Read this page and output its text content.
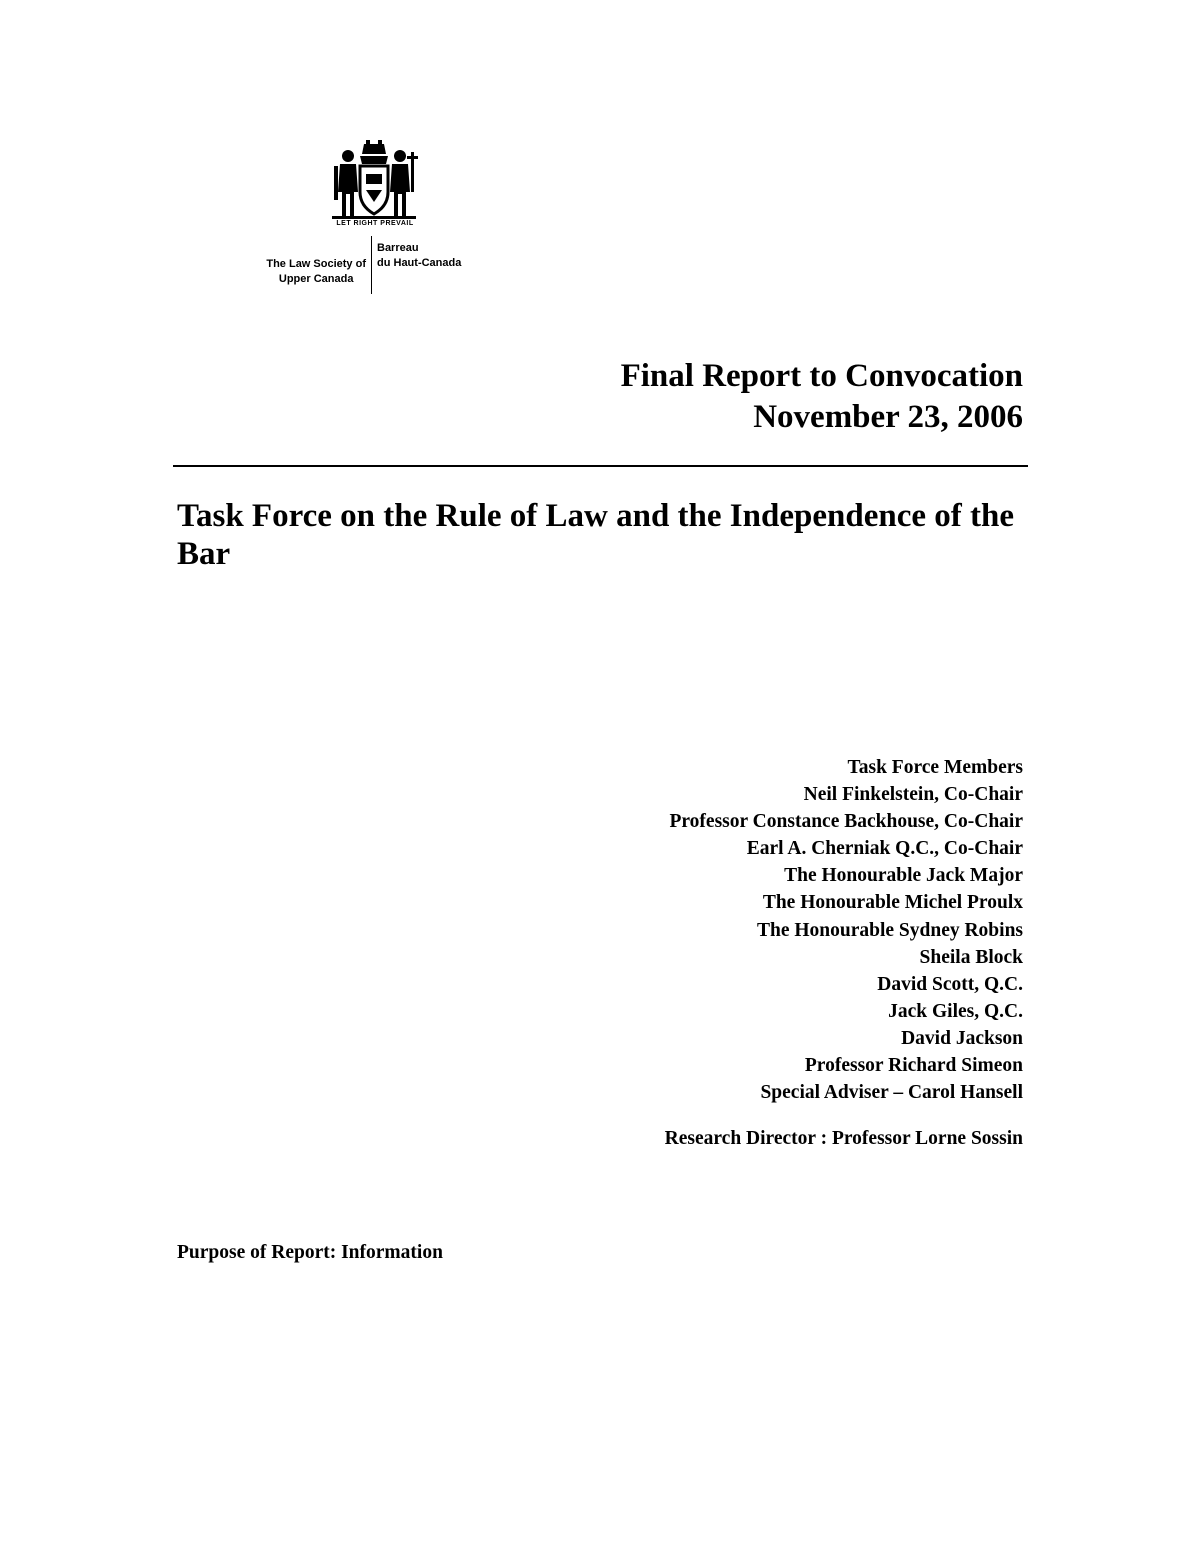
LET RIGHT PREVAIL
The Law Society of
Upper Canada
Barreau
du Haut-Canada
Final Report to Convocation
November 23, 2006
Task Force on the Rule of Law and the Independence of the Bar
Task Force Members
Neil Finkelstein, Co-Chair
Professor Constance Backhouse, Co-Chair
Earl A. Cherniak Q.C., Co-Chair
The Honourable Jack Major
The Honourable Michel Proulx
The Honourable Sydney Robins
Sheila Block
David Scott, Q.C.
Jack Giles, Q.C.
David Jackson
Professor Richard Simeon
Special Adviser – Carol Hansell
Research Director : Professor Lorne Sossin
Purpose of Report: Information
